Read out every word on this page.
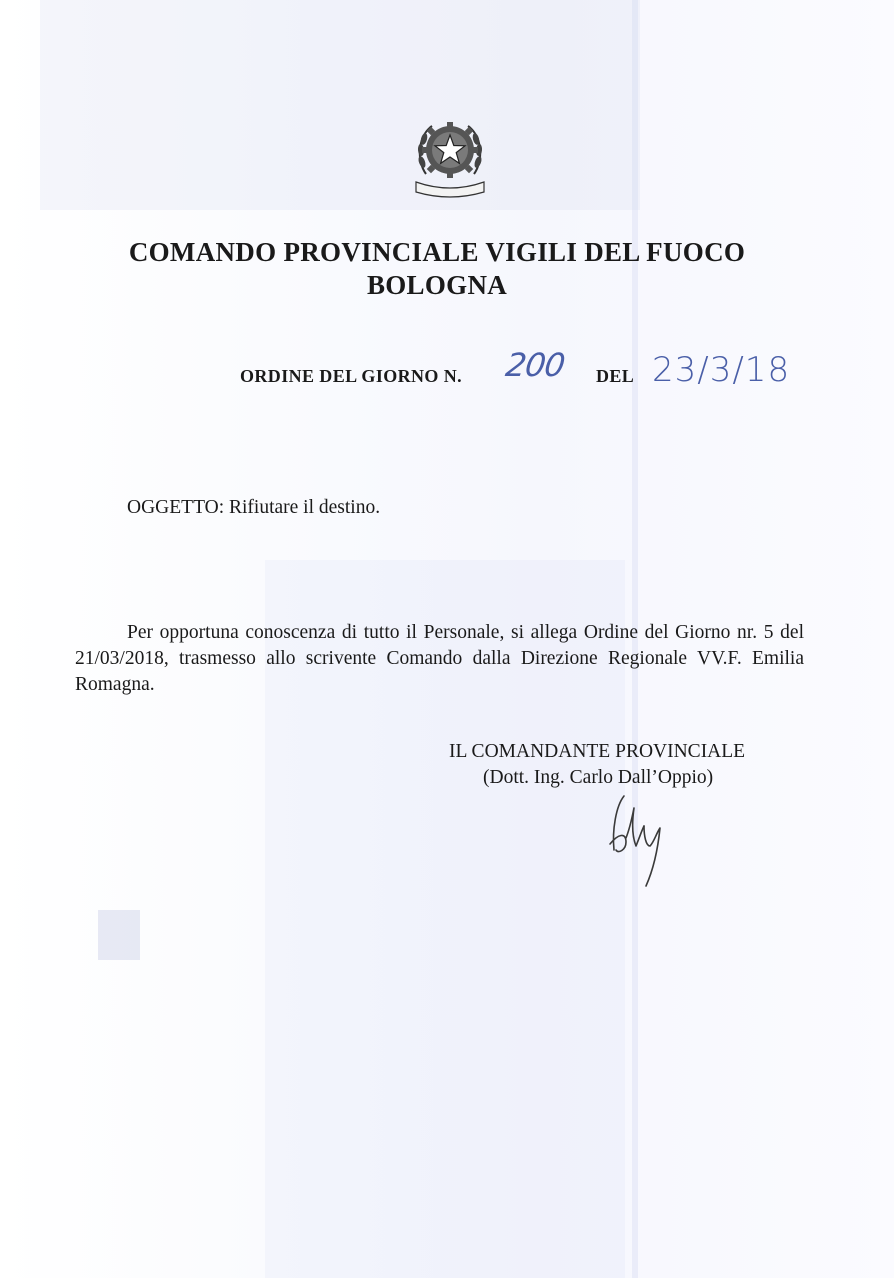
COMANDO PROVINCIALE VIGILI DEL FUOCO
BOLOGNA
ORDINE DEL GIORNO N. 200 DEL 23/3/18
OGGETTO: Rifiutare il destino.
Per opportuna conoscenza di tutto il Personale, si allega Ordine del Giorno nr. 5 del 21/03/2018, trasmesso allo scrivente Comando dalla Direzione Regionale VV.F. Emilia Romagna.
IL COMANDANTE PROVINCIALE
(Dott. Ing. Carlo Dall’Oppio)
